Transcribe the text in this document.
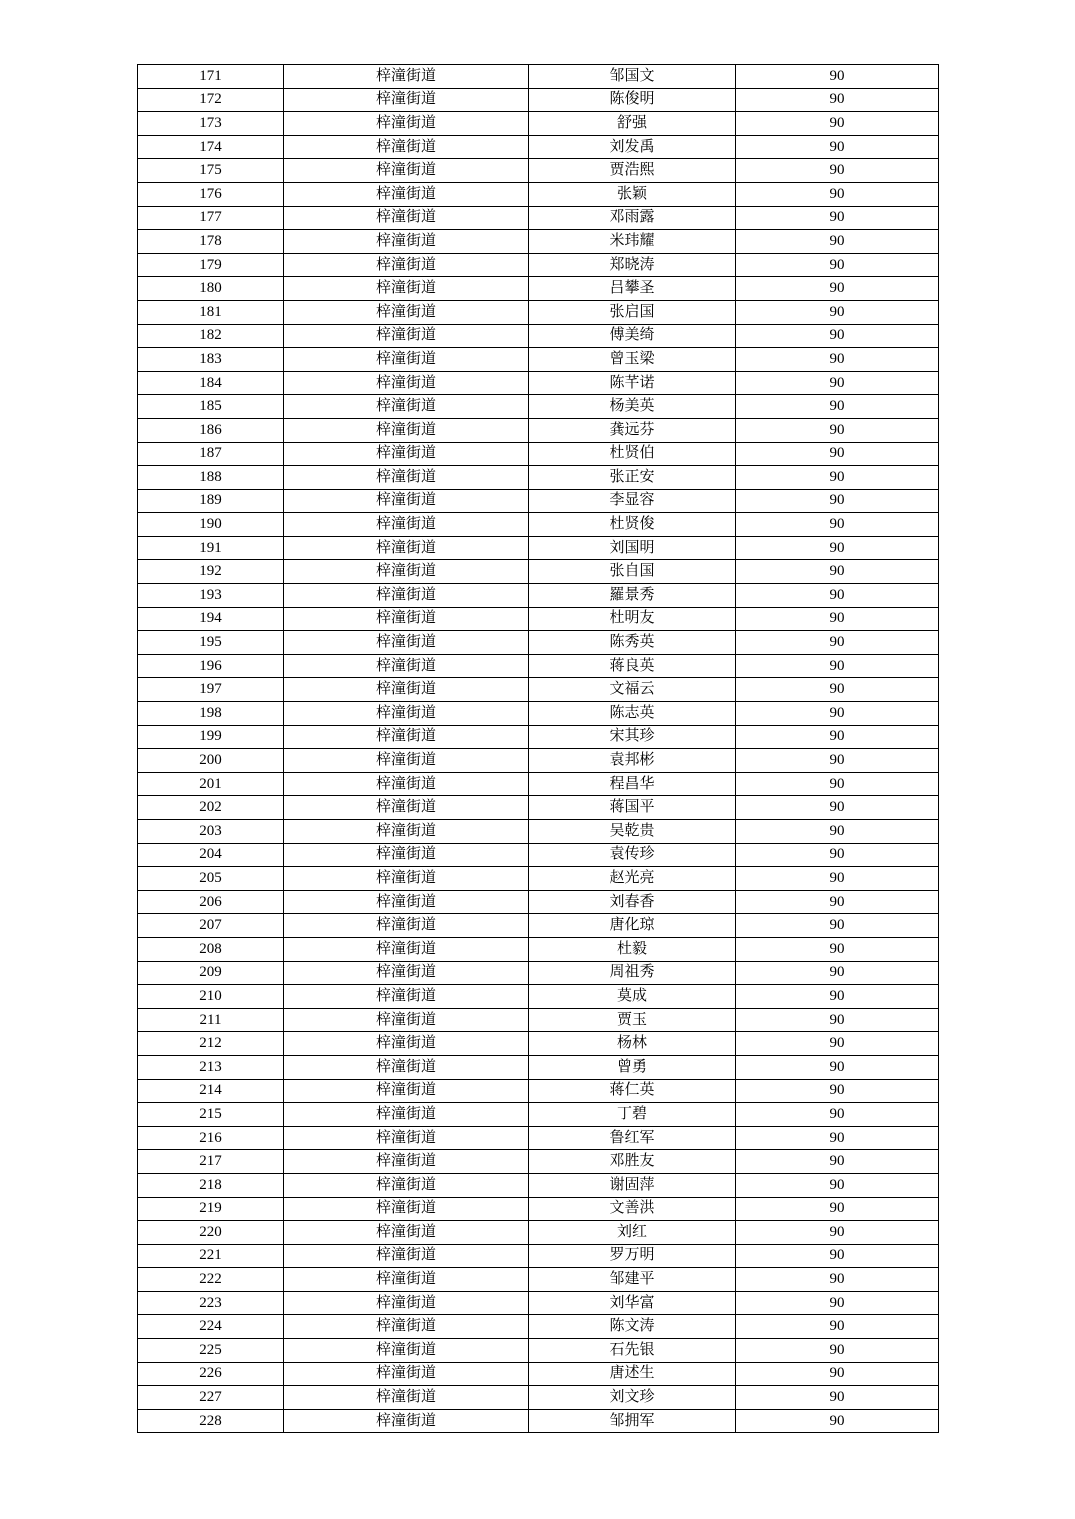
171	梓潼街道	邹国文	90
172	梓潼街道	陈俊明	90
173	梓潼街道	舒强	90
174	梓潼街道	刘发禹	90
175	梓潼街道	贾浩熙	90
176	梓潼街道	张颖	90
177	梓潼街道	邓雨露	90
178	梓潼街道	米玮耀	90
179	梓潼街道	郑晓涛	90
180	梓潼街道	吕攀圣	90
181	梓潼街道	张启国	90
182	梓潼街道	傅美绮	90
183	梓潼街道	曾玉梁	90
184	梓潼街道	陈芊诺	90
185	梓潼街道	杨美英	90
186	梓潼街道	龚远芬	90
187	梓潼街道	杜贤伯	90
188	梓潼街道	张正安	90
189	梓潼街道	李显容	90
190	梓潼街道	杜贤俊	90
191	梓潼街道	刘国明	90
192	梓潼街道	张自国	90
193	梓潼街道	羅景秀	90
194	梓潼街道	杜明友	90
195	梓潼街道	陈秀英	90
196	梓潼街道	蒋良英	90
197	梓潼街道	文福云	90
198	梓潼街道	陈志英	90
199	梓潼街道	宋其珍	90
200	梓潼街道	袁邦彬	90
201	梓潼街道	程昌华	90
202	梓潼街道	蒋国平	90
203	梓潼街道	吴乾贵	90
204	梓潼街道	袁传珍	90
205	梓潼街道	赵光亮	90
206	梓潼街道	刘春香	90
207	梓潼街道	唐化琼	90
208	梓潼街道	杜毅	90
209	梓潼街道	周祖秀	90
210	梓潼街道	莫成	90
211	梓潼街道	贾玉	90
212	梓潼街道	杨林	90
213	梓潼街道	曾勇	90
214	梓潼街道	蒋仁英	90
215	梓潼街道	丁碧	90
216	梓潼街道	鲁红军	90
217	梓潼街道	邓胜友	90
218	梓潼街道	谢固萍	90
219	梓潼街道	文善洪	90
220	梓潼街道	刘红	90
221	梓潼街道	罗万明	90
222	梓潼街道	邹建平	90
223	梓潼街道	刘华富	90
224	梓潼街道	陈文涛	90
225	梓潼街道	石先银	90
226	梓潼街道	唐述生	90
227	梓潼街道	刘文珍	90
228	梓潼街道	邹拥军	90
